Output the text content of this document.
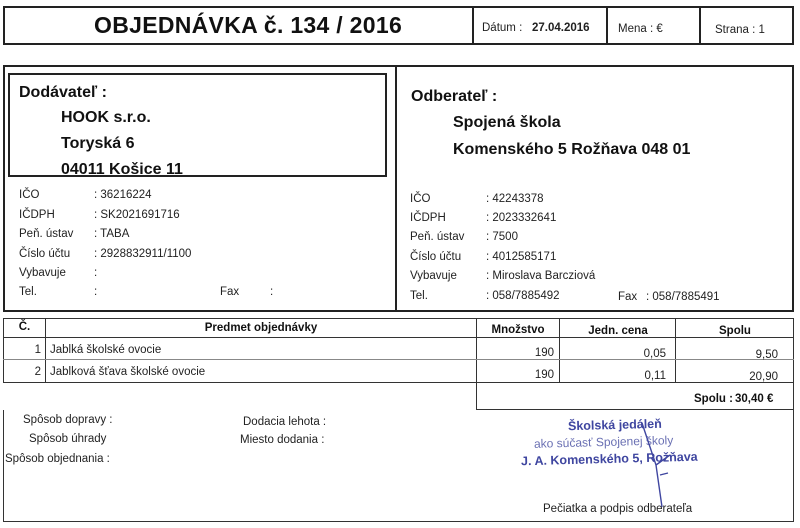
OBJEDNÁVKA č. 134 / 2016	Dátum : 27.04.2016 Mena : €	Strana : 1
Dodávateľ :
HOOK s.r.o.
Toryská 6
04011 Košice 11
IČO	: 36216224
IČDPH	: SK2021691716
Peň. ústav : TABA
Číslo účtu : 2928832911/1100
Vybavuje :
Tel.	:	Fax	:
Odberateľ :
Spojená škola
Komenského 5 Rožňava 048 01
IČO	: 42243378
IČDPH	: 2023332641
Peň. ústav : 7500
Číslo účtu : 4012585171
Vybavuje	: Miroslava Barcziová
Tel.	: 058/7885492	Fax : 058/7885491
Č.	Predmet objednávky	Množstvo	Jedn. cena	Spolu
1 Jablká školské ovocie	190	0,05	9,50
2 Jablková šťava školské ovocie	190	0,11	20,90
Spolu : 30,40 €
Spôsob dopravy :
Spôsob úhrady
Spôsob objednania :
Dodacia lehota :
Miesto dodania :
Školská jedáleň
ako súčasť Spojenej školy
J. A. Komenského 5, Rožňava
Pečiatka a podpis odberateľa
